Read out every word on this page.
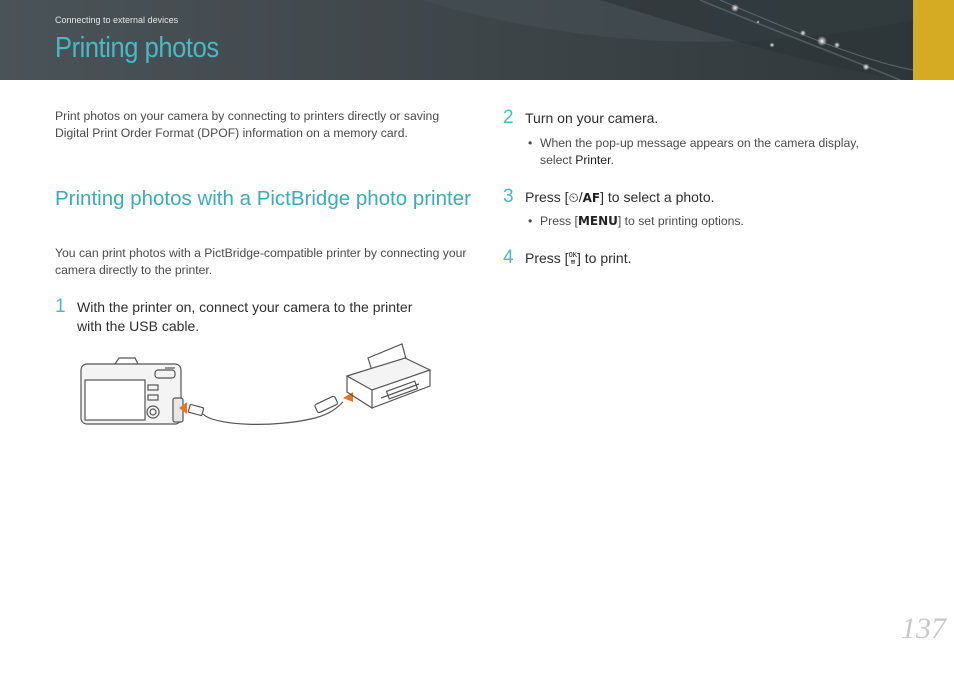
Connecting to external devices
Printing photos

Print photos on your camera by connecting to printers directly or saving Digital Print Order Format (DPOF) information on a memory card.

Printing photos with a PictBridge photo printer

You can print photos with a PictBridge-compatible printer by connecting your camera directly to the printer.

1 With the printer on, connect your camera to the printer
with the USB cable.
2 Turn on your camera.
• When the pop-up message appears on the camera display,
select Printer.
3 Press [⏲/AF] to select a photo.
• Press [MENU] to set printing options.
4 Press [OK
⊞ ] to print.
137
